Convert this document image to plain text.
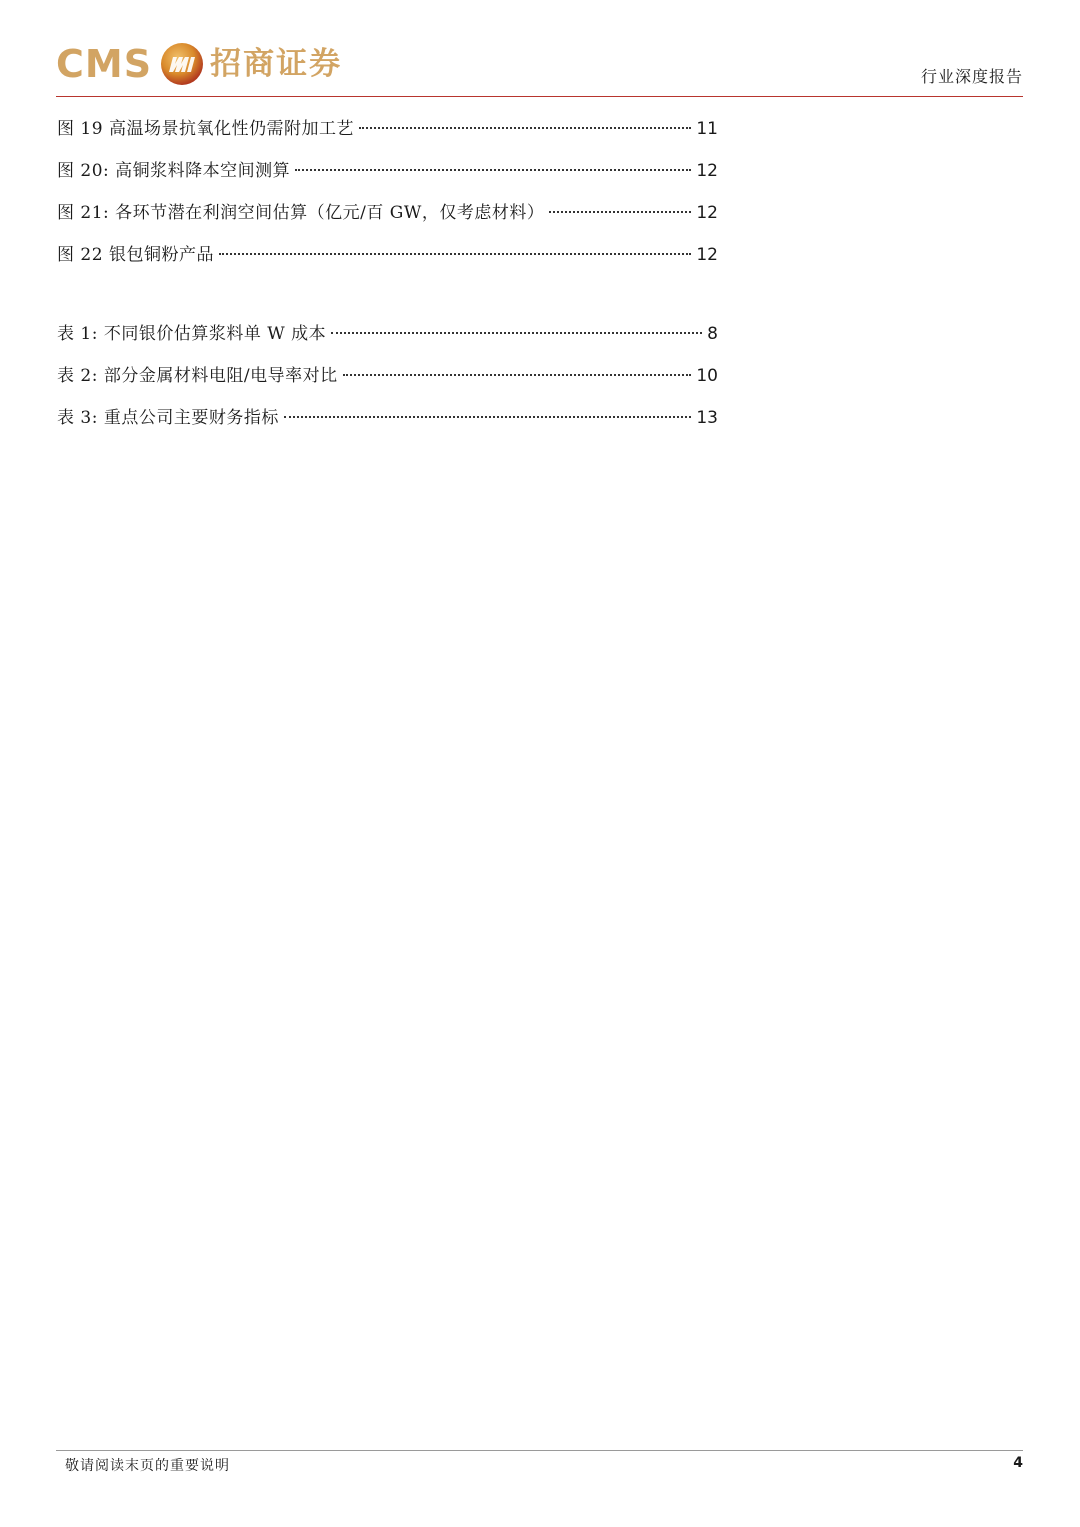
CMS 招商证券	行业深度报告
图 19 高温场景抗氧化性仍需附加工艺	11
图 20: 高铜浆料降本空间测算	12
图 21: 各环节潜在利润空间估算（亿元/百 GW，仅考虑材料）	12
图 22 银包铜粉产品	12
表 1: 不同银价估算浆料单 W 成本	8
表 2: 部分金属材料电阻/电导率对比	10
表 3: 重点公司主要财务指标	13
敬请阅读末页的重要说明	4
